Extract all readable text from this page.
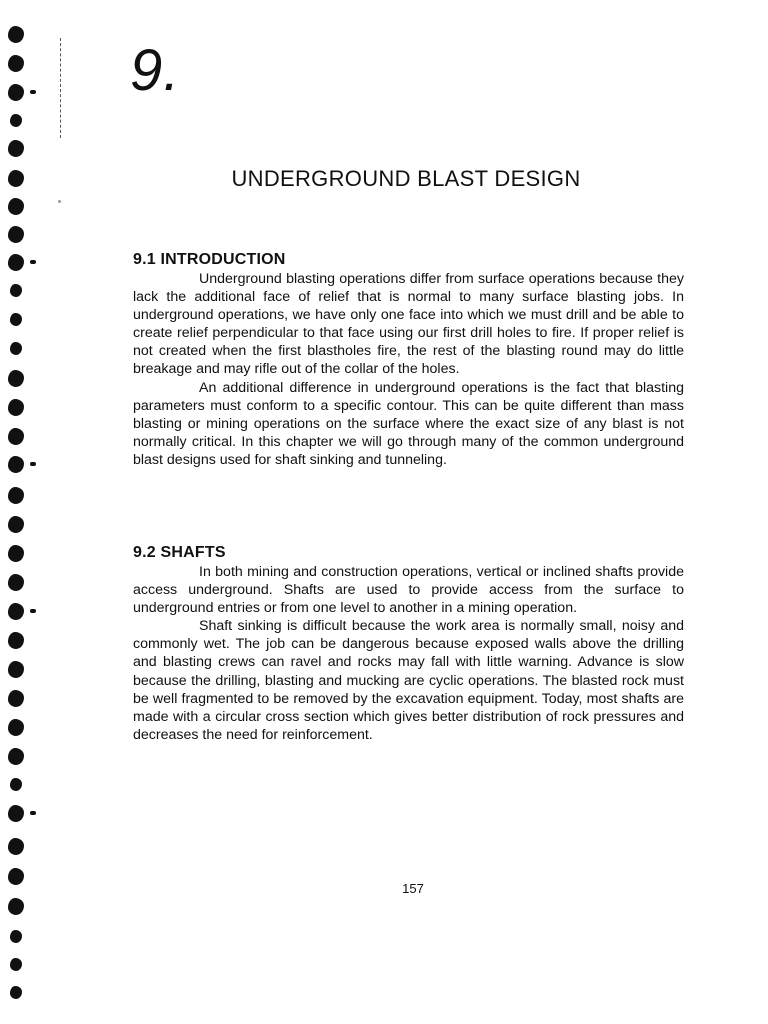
9.
UNDERGROUND BLAST DESIGN
9.1 INTRODUCTION

Underground blasting operations differ from surface operations because they lack the additional face of relief that is normal to many surface blasting jobs. In underground operations, we have only one face into which we must drill and be able to create relief perpendicular to that face using our first drill holes to fire. If proper relief is not created when the first blastholes fire, the rest of the blasting round may do little breakage and may rifle out of the collar of the holes.

An additional difference in underground operations is the fact that blasting parameters must conform to a specific contour. This can be quite different than mass blasting or mining operations on the surface where the exact size of any blast is not normally critical. In this chapter we will go through many of the common underground blast designs used for shaft sinking and tunneling.

9.2 SHAFTS

In both mining and construction operations, vertical or inclined shafts provide access underground. Shafts are used to provide access from the surface to underground entries or from one level to another in a mining operation.

Shaft sinking is difficult because the work area is normally small, noisy and commonly wet. The job can be dangerous because exposed walls above the drilling and blasting crews can ravel and rocks may fall with little warning. Advance is slow because the drilling, blasting and mucking are cyclic operations. The blasted rock must be well fragmented to be removed by the excavation equipment. Today, most shafts are made with a circular cross section which gives better distribution of rock pressures and decreases the need for reinforcement.

157
